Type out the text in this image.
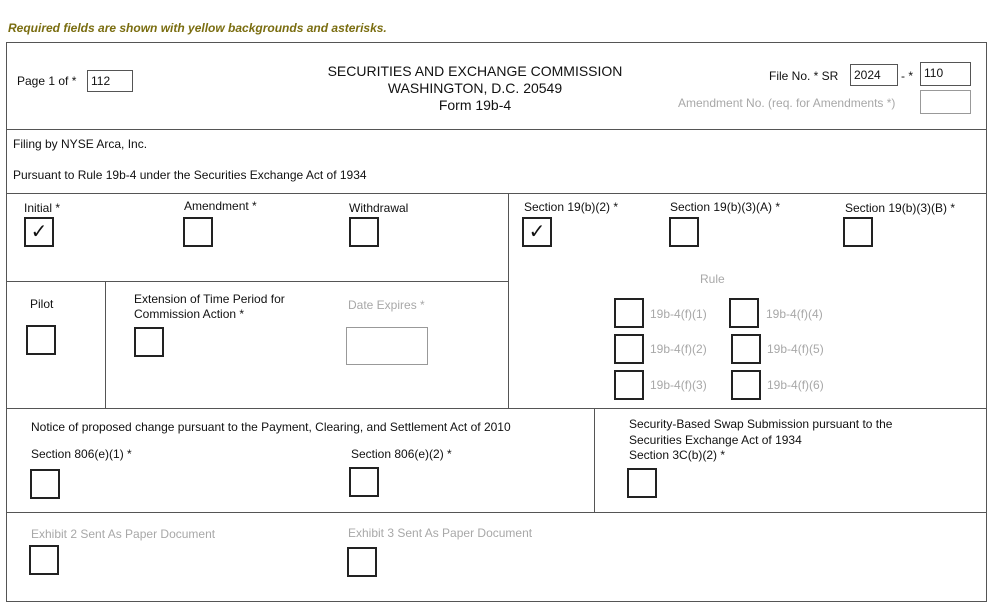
Required fields are shown with yellow backgrounds and asterisks.
Page 1 of *	112
SECURITIES AND EXCHANGE COMMISSION
WASHINGTON, D.C. 20549
Form 19b-4
File No. * SR	2024	- * 110
Amendment No. (req. for Amendments *)
Filing by NYSE Arca, Inc.
Pursuant to Rule 19b-4 under the Securities Exchange Act of 1934
Initial *
✓
Amendment *	Withdrawal	Section 19(b)(2) *
✓
Section 19(b)(3)(A) *	Section 19(b)(3)(B) *
Pilot	Extension of Time Period for
Commission Action *
Date Expires *
Rule
19b-4(f)(1)	19b-4(f)(4)
19b-4(f)(2)	19b-4(f)(5)
19b-4(f)(3)	19b-4(f)(6)
Notice of proposed change pursuant to the Payment, Clearing, and Settlement Act of 2010
Section 806(e)(1) *	Section 806(e)(2) *
Security-Based Swap Submission pursuant to the
Securities Exchange Act of 1934
Section 3C(b)(2) *
Exhibit 2 Sent As Paper Document	Exhibit 3 Sent As Paper Document
